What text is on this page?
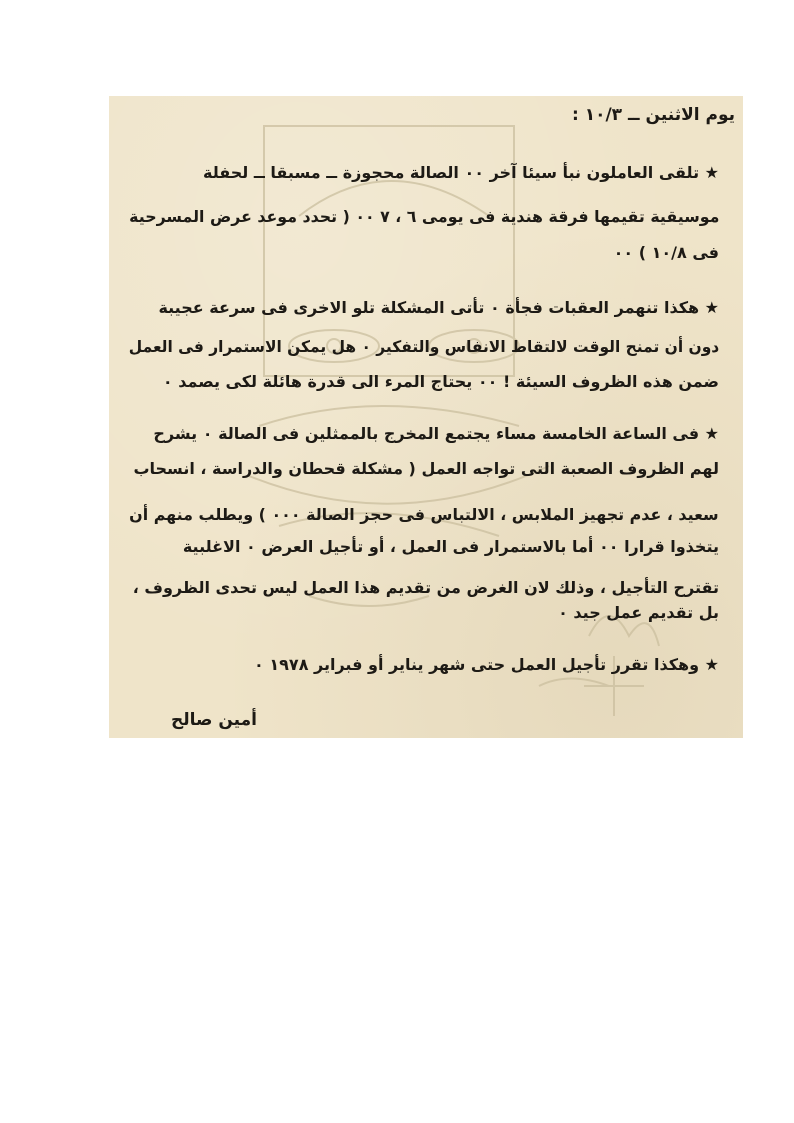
يوم الاثنين ــ ١٠/٣ :
★ تلقى العاملون نبأ سيئا آخر ٠٠ الصالة محجوزة ــ مسبقا ــ لحفلة
موسيقية تقيمها فرقة هندية فى يومى ٦ ، ٧ ٠٠ ( تحدد موعد عرض المسرحية
فى ١٠/٨ ) ٠٠
★ هكذا تنهمر العقبات فجأة ٠ تأتى المشكلة تلو الاخرى فى سرعة عجيبة
دون أن تمنح الوقت لالتقاط الانفاس والتفكير ٠ هل يمكن الاستمرار فى العمل
ضمن هذه الظروف السيئة ! ٠٠ يحتاج المرء الى قدرة هائلة لكى يصمد ٠
★ فى الساعة الخامسة مساء يجتمع المخرج بالممثلين فى الصالة ٠ يشرح
لهم الظروف الصعبة التى تواجه العمل ( مشكلة قحطان والدراسة ، انسحاب
سعيد ، عدم تجهيز الملابس ، الالتباس فى حجز الصالة ٠٠٠ ) ويطلب منهم أن
يتخذوا قرارا ٠٠ أما بالاستمرار فى العمل ، أو تأجيل العرض ٠ الاغلبية
تقترح التأجيل ، وذلك لان الغرض من تقديم هذا العمل ليس تحدى الظروف ،
بل تقديم عمل جيد ٠
★ وهكذا تقرر تأجيل العمل حتى شهر يناير أو فبراير ١٩٧٨ ٠
أمين صالح
